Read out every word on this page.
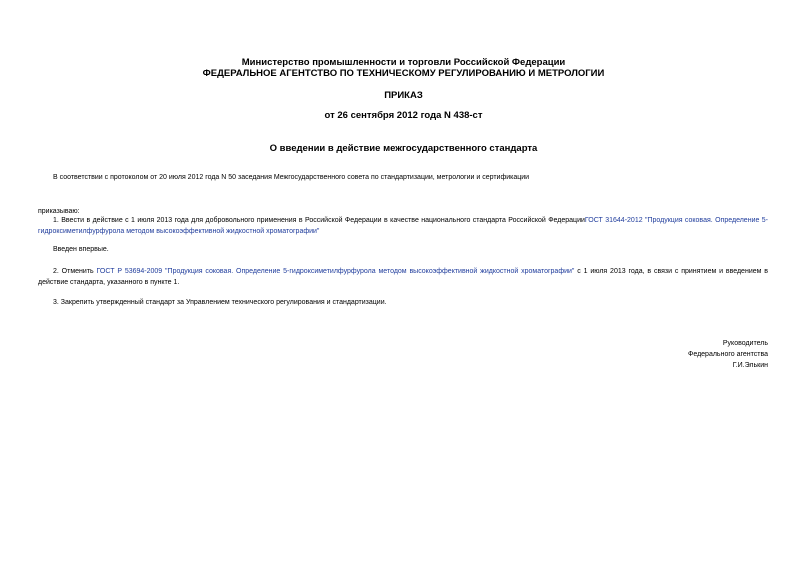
Министерство промышленности и торговли Российской Федерации
ФЕДЕРАЛЬНОЕ АГЕНТСТВО ПО ТЕХНИЧЕСКОМУ РЕГУЛИРОВАНИЮ И МЕТРОЛОГИИ
ПРИКАЗ
от 26 сентября 2012 года N 438-ст
О введении в действие межгосударственного стандарта
В соответствии с протоколом от 20 июля 2012 года N 50 заседания Межгосударственного совета по стандартизации, метрологии и сертификации
приказываю:
1. Ввести в действие с 1 июля 2013 года для добровольного применения в Российской Федерации в качестве национального стандарта Российской ФедерацииГОСТ 31644-2012 "Продукция соковая. Определение 5-гидроксиметилфурфурола методом высокоэффективной жидкостной хроматографии"
Введен впервые.
2. Отменить ГОСТ Р 53694-2009 "Продукция соковая. Определение 5-гидроксиметилфурфурола методом высокоэффективной жидкостной хроматографии" с 1 июля 2013 года, в связи с принятием и введением в действие стандарта, указанного в пункте 1.
3. Закрепить утвержденный стандарт за Управлением технического регулирования и стандартизации.
Руководитель
Федерального агентства
Г.И.Элькин
